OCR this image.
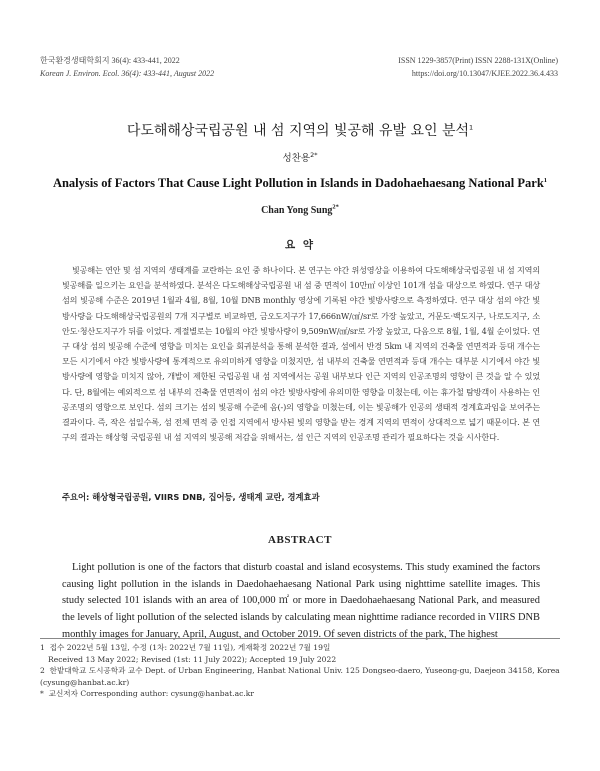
한국환경생태학회지 36(4): 433-441, 2022
Korean J. Environ. Ecol. 36(4): 433-441, August 2022
ISSN 1229-3857(Print) ISSN 2288-131X(Online)
https://doi.org/10.13047/KJEE.2022.36.4.433
다도해해상국립공원 내 섬 지역의 빛공해 유발 요인 분석$^1$
성찬용$^{2*}$
Analysis of Factors That Cause Light Pollution in Islands in Dadohaehaesang National Park$^1$
Chan Yong Sung$^{2*}$
요 약

빛공해는 연안 및 섬 지역의 생태계를 교란하는 요인 중 하나이다. 본 연구는 야간 위성영상을 이용하여 다도해해상국립공원 내 섬 지역의 빛공해를 일으키는 요인을 분석하였다. 분석은 다도해해상국립공원 내 섬 중 면적이 10만㎡ 이상인 101개 섬을 대상으로 하였다. 연구 대상 섬의 빛공해 수준은 2019년 1월과 4월, 8월, 10월 DNB monthly 영상에 기록된 야간 빛방사량으로 측정하였다. 연구 대상 섬의 야간 빛방사량을 다도해해상국립공원의 7개 지구별로 비교하면, 금오도지구가 17,666nW/㎠/sr로 가장 높았고, 거문도·백도지구, 나로도지구, 소안도·청산도지구가 뒤를 이었다. 계절별로는 10월의 야간 빛방사량이 9,509nW/㎠/sr로 가장 높았고, 다음으로 8월, 1월, 4월 순이었다. 연구 대상 섬의 빛공해 수준에 영향을 미치는 요인을 회귀분석을 통해 분석한 결과, 섬에서 반경 5km 내 지역의 건축물 연면적과 등대 개수는 모든 시기에서 야간 빛방사량에 통계적으로 유의미하게 영향을 미쳤지만, 섬 내부의 건축물 연면적과 등대 개수는 대부분 시기에서 야간 빛방사량에 영향을 미치지 않아, 개발이 제한된 국립공원 내 섬 지역에서는 공원 내부보다 인근 지역의 인공조명의 영향이 큰 것을 알 수 있었다. 단, 8월에는 예외적으로 섬 내부의 건축물 연면적이 섬의 야간 빛방사량에 유의미한 영향을 미쳤는데, 이는 휴가철 탐방객이 사용하는 인공조명의 영향으로 보인다. 섬의 크기는 섬의 빛공해 수준에 음(-)의 영향을 미쳤는데, 이는 빛공해가 인공의 생태적 경계효과임을 보여주는 결과이다. 즉, 작은 섬일수록, 섬 전체 면적 중 인접 지역에서 방사된 빛의 영향을 받는 경계 지역의 면적이 상대적으로 넓기 때문이다. 본 연구의 결과는 해상형 국립공원 내 섬 지역의 빛공해 저감을 위해서는, 섬 인근 지역의 인공조명 관리가 필요하다는 것을 시사한다.

주요어: 해상형국립공원, VIIRS DNB, 집어등, 생태계 교란, 경계효과
ABSTRACT

Light pollution is one of the factors that disturb coastal and island ecosystems. This study examined the factors causing light pollution in the islands in Daedohaehaesang National Park using nighttime satellite images. This study selected 101 islands with an area of 100,000 ㎡ or more in Daedohaehaesang National Park, and measured the levels of light pollution of the selected islands by calculating mean nighttime radiance recorded in VIIRS DNB monthly images for January, April, August, and October 2019. Of seven districts of the park, The highest

1 접수 2022년 5월 13일, 수정 (1차: 2022년 7월 11일), 게재확정 2022년 7월 19일
Received 13 May 2022; Revised (1st: 11 July 2022); Accepted 19 July 2022
2 한밭대학교 도시공학과 교수 Dept. of Urban Engineering, Hanbat National Univ. 125 Dongseo-daero, Yuseong-gu, Daejeon 34158, Korea (cysung@hanbat.ac.kr)
* 교신저자 Corresponding author: cysung@hanbat.ac.kr
